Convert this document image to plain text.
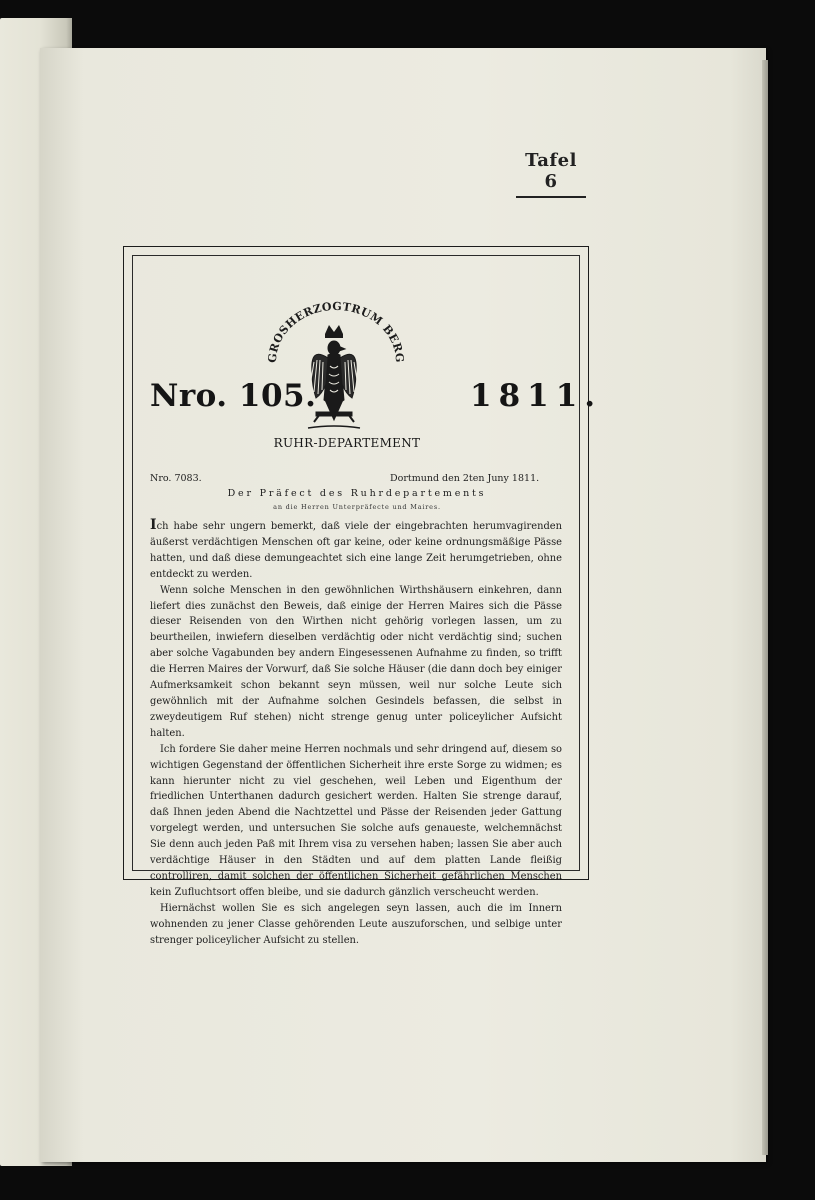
Tafel 6
GROSHERZOGTRUM BERG
Nro. 105.	1811.
RUHR-DEPARTEMENT
Nro. 7083.	Dortmund den 2ten Juny 1811.
Der Präfect des Ruhrdepartements
an die Herren Unterpräfecte und Maires.

Ich habe sehr ungern bemerkt, daß viele der eingebrachten herumvagirenden äußerst verdächtigen Menschen oft gar keine, oder keine ordnungsmäßige Pässe hatten, und daß diese demungeachtet sich eine lange Zeit herumgetrieben, ohne entdeckt zu werden.

Wenn solche Menschen in den gewöhnlichen Wirthshäusern einkehren, dann liefert dies zunächst den Beweis, daß einige der Herren Maires sich die Pässe dieser Reisenden von den Wirthen nicht gehörig vorlegen lassen, um zu beurtheilen, inwiefern dieselben verdächtig oder nicht verdächtig sind; suchen aber solche Vagabunden bey andern Eingesessenen Aufnahme zu finden, so trifft die Herren Maires der Vorwurf, daß Sie solche Häuser (die dann doch bey einiger Aufmerksamkeit schon bekannt seyn müssen, weil nur solche Leute sich gewöhnlich mit der Aufnahme solchen Gesindels befassen, die selbst in zweydeutigem Ruf stehen) nicht strenge genug unter policeylicher Aufsicht halten.

Ich fordere Sie daher meine Herren nochmals und sehr dringend auf, diesem so wichtigen Gegenstand der öffentlichen Sicherheit ihre erste Sorge zu widmen; es kann hierunter nicht zu viel geschehen, weil Leben und Eigenthum der friedlichen Unterthanen dadurch gesichert werden. Halten Sie strenge darauf, daß Ihnen jeden Abend die Nachtzettel und Pässe der Reisenden jeder Gattung vorgelegt werden, und untersuchen Sie solche aufs genaueste, welchemnächst Sie denn auch jeden Paß mit Ihrem visa zu versehen haben; lassen Sie aber auch verdächtige Häuser in den Städten und auf dem platten Lande fleißig controlliren, damit solchen der öffentlichen Sicherheit gefährlichen Menschen kein Zufluchtsort offen bleibe, und sie dadurch gänzlich verscheucht werden.

Hiernächst wollen Sie es sich angelegen seyn lassen, auch die im Innern wohnenden zu jener Classe gehörenden Leute auszuforschen, und selbige unter strenger policeylicher Aufsicht zu stellen.
